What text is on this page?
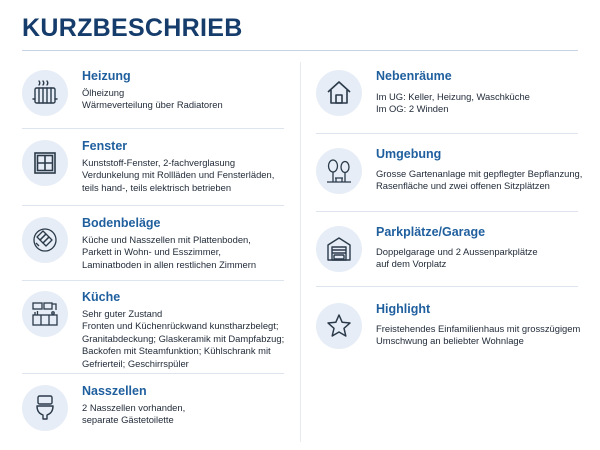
KURZBESCHRIEB
Heizung
Ölheizung
Wärmeverteilung über Radiatoren
Fenster
Kunststoff-Fenster, 2-fachverglasung
Verdunkelung mit Rollläden und Fensterläden,
teils hand-, teils elektrisch betrieben
Bodenbeläge
Küche und Nasszellen mit Plattenboden,
Parkett in Wohn- und Esszimmer,
Laminatboden in allen restlichen Zimmern
Küche
Sehr guter Zustand
Fronten und Küchenrückwand kunstharzbelegt;
Granitabdeckung; Glaskeramik mit Dampfabzug;
Backofen mit Steamfunktion; Kühlschrank mit
Gefrierteil; Geschirrspüler
Nasszellen
2 Nasszellen vorhanden,
separate Gästetoilette
Nebenräume
Im UG: Keller, Heizung, Waschküche
Im OG: 2 Winden
Umgebung
Grosse Gartenanlage mit gepflegter Bepflanzung,
Rasenfläche und zwei offenen Sitzplätzen
Parkplätze/Garage
Doppelgarage und 2 Aussenparkplätze
auf dem Vorplatz
Highlight
Freistehendes Einfamilienhaus mit grosszügigem
Umschwung an beliebter Wohnlage
